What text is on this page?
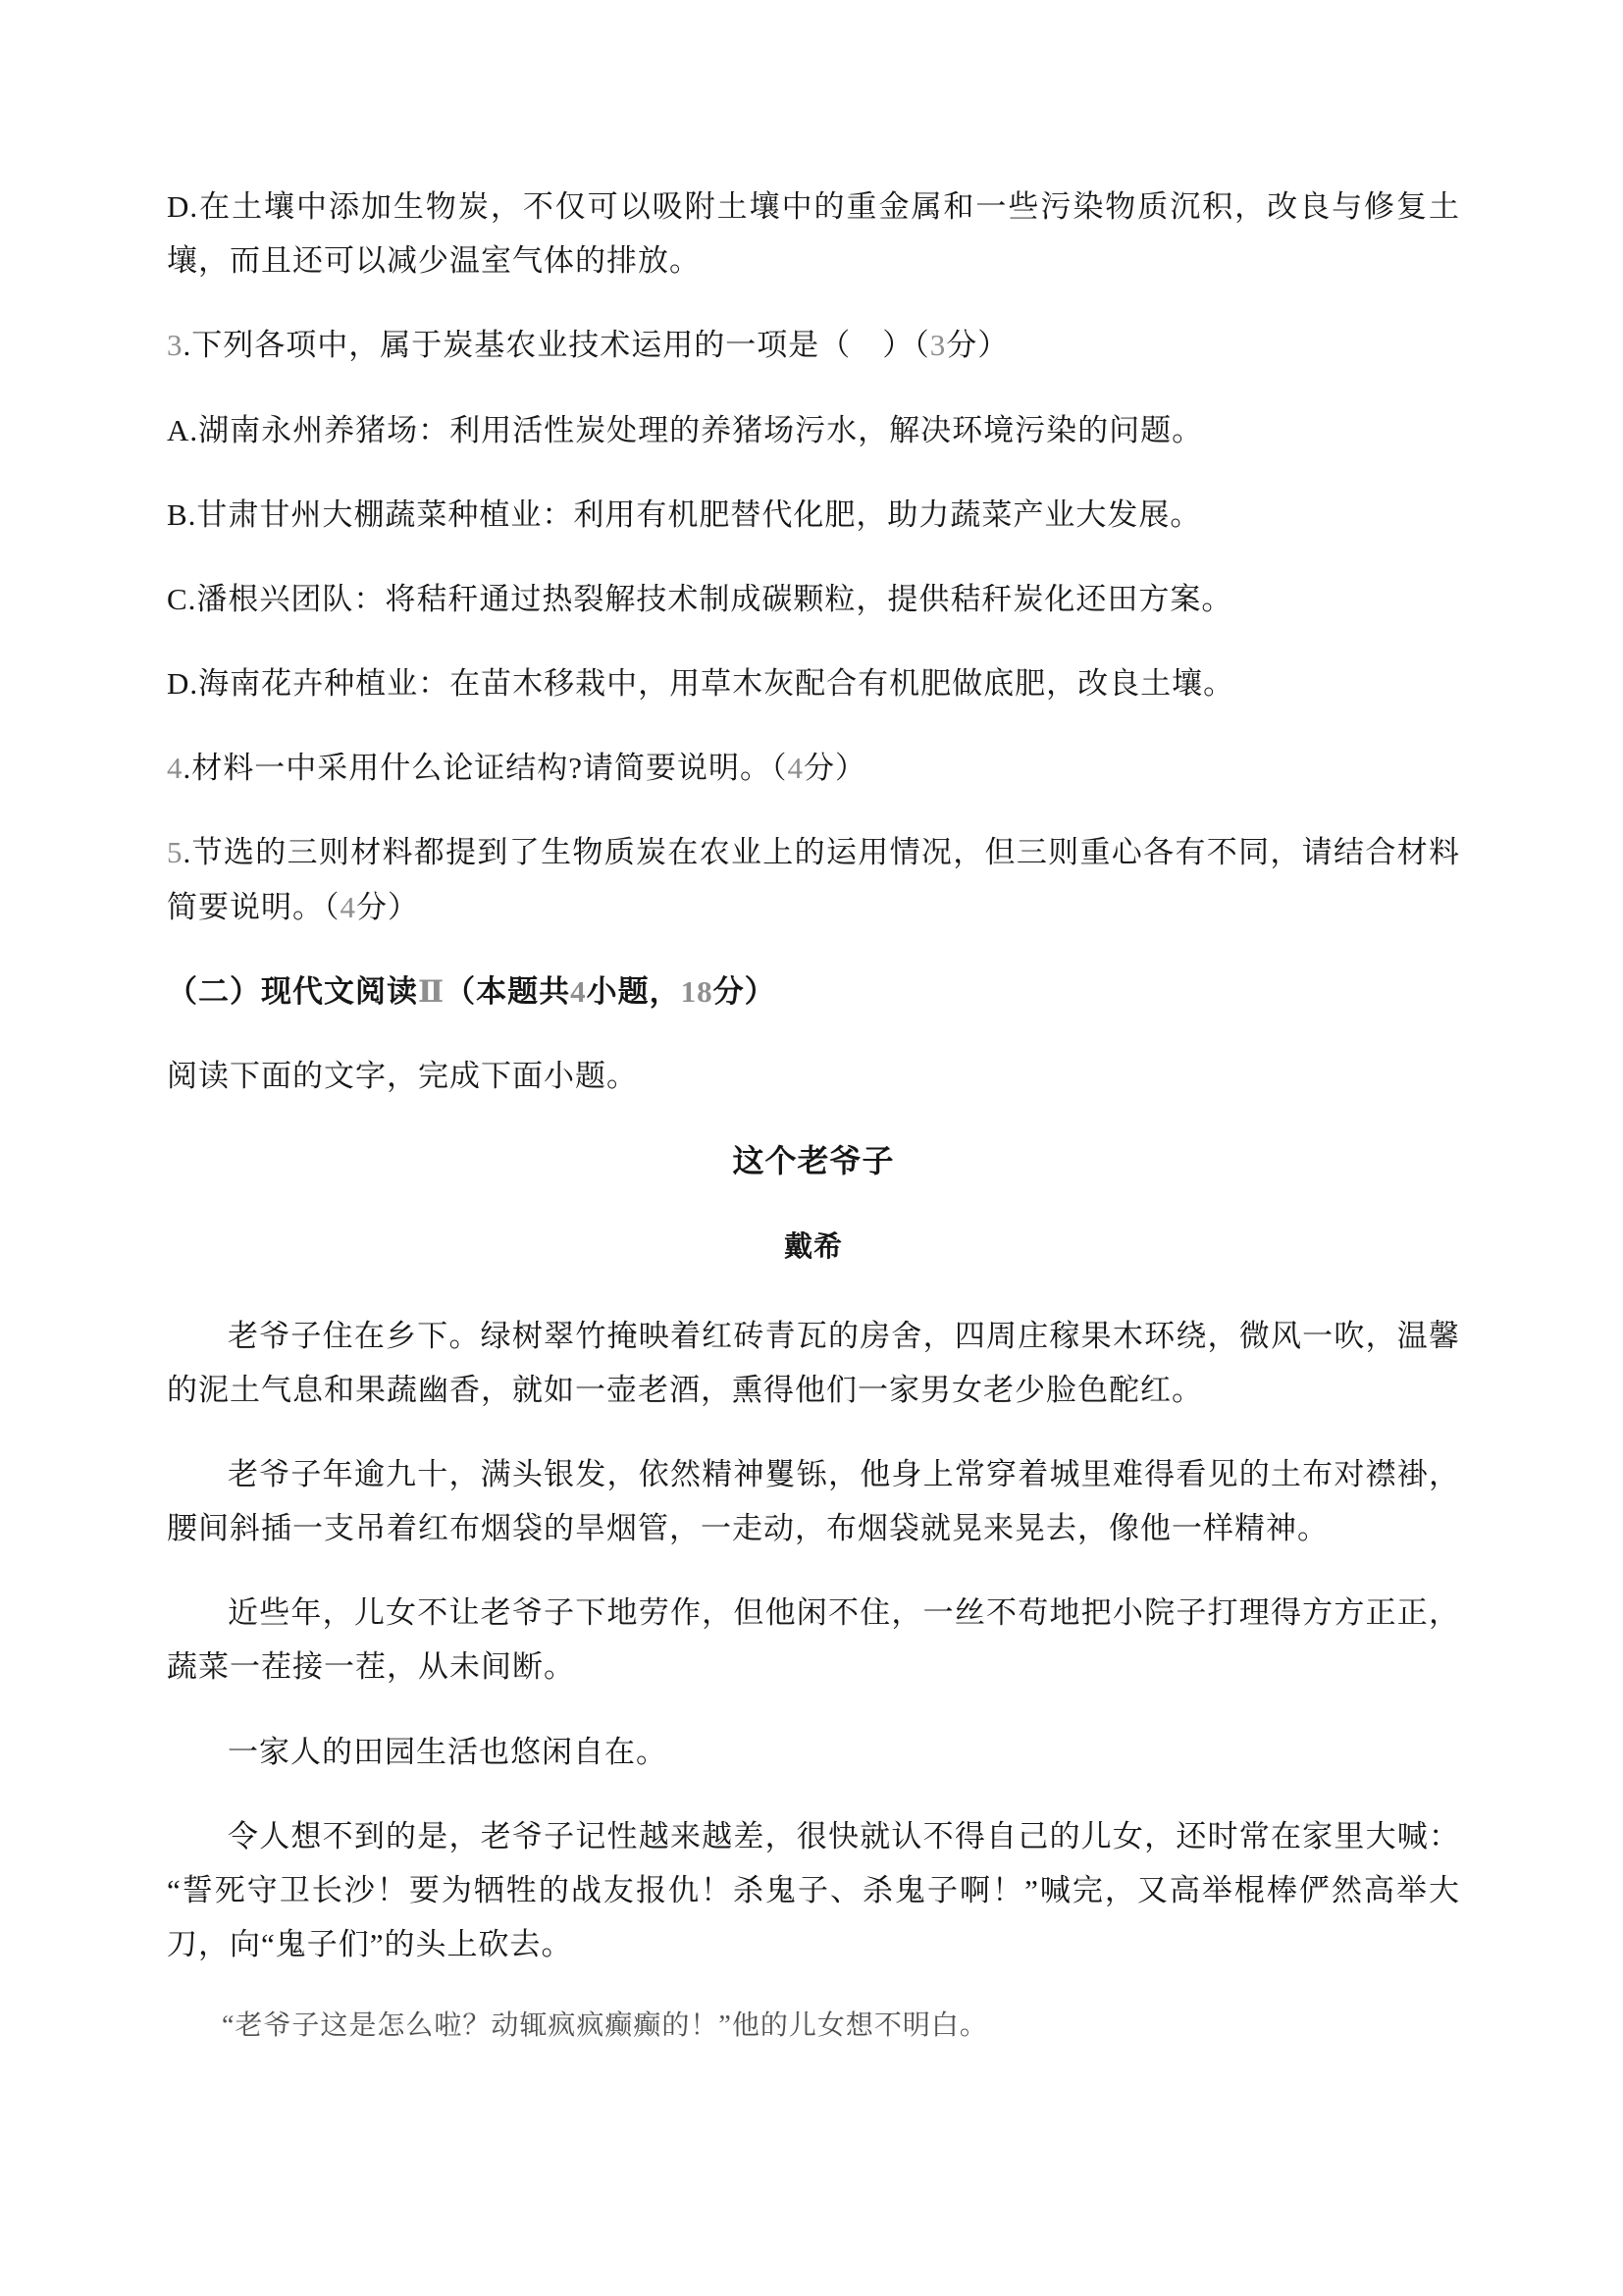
D.在土壤中添加生物炭，不仅可以吸附土壤中的重金属和一些污染物质沉积，改良与修复土壤，而且还可以减少温室气体的排放。

3.下列各项中，属于炭基农业技术运用的一项是（　）（3分）

A.湖南永州养猪场：利用活性炭处理的养猪场污水，解决环境污染的问题。

B.甘肃甘州大棚蔬菜种植业：利用有机肥替代化肥，助力蔬菜产业大发展。

C.潘根兴团队：将秸秆通过热裂解技术制成碳颗粒，提供秸秆炭化还田方案。

D.海南花卉种植业：在苗木移栽中，用草木灰配合有机肥做底肥，改良土壤。

4.材料一中采用什么论证结构?请简要说明。（4分）

5.节选的三则材料都提到了生物质炭在农业上的运用情况，但三则重心各有不同，请结合材料简要说明。（4分）

（二）现代文阅读Ⅱ（本题共4小题，18分）

阅读下面的文字，完成下面小题。

这个老爷子

戴希

老爷子住在乡下。绿树翠竹掩映着红砖青瓦的房舍，四周庄稼果木环绕，微风一吹，温馨的泥土气息和果蔬幽香，就如一壶老酒，熏得他们一家男女老少脸色酡红。

老爷子年逾九十，满头银发，依然精神矍铄，他身上常穿着城里难得看见的土布对襟褂，腰间斜插一支吊着红布烟袋的旱烟管，一走动，布烟袋就晃来晃去，像他一样精神。

近些年，儿女不让老爷子下地劳作，但他闲不住，一丝不苟地把小院子打理得方方正正，蔬菜一茬接一茬，从未间断。

一家人的田园生活也悠闲自在。

令人想不到的是，老爷子记性越来越差，很快就认不得自己的儿女，还时常在家里大喊：“誓死守卫长沙！要为牺牲的战友报仇！杀鬼子、杀鬼子啊！”喊完，又高举棍棒俨然高举大刀，向“鬼子们”的头上砍去。

“老爷子这是怎么啦？动辄疯疯癫癫的！”他的儿女想不明白。
